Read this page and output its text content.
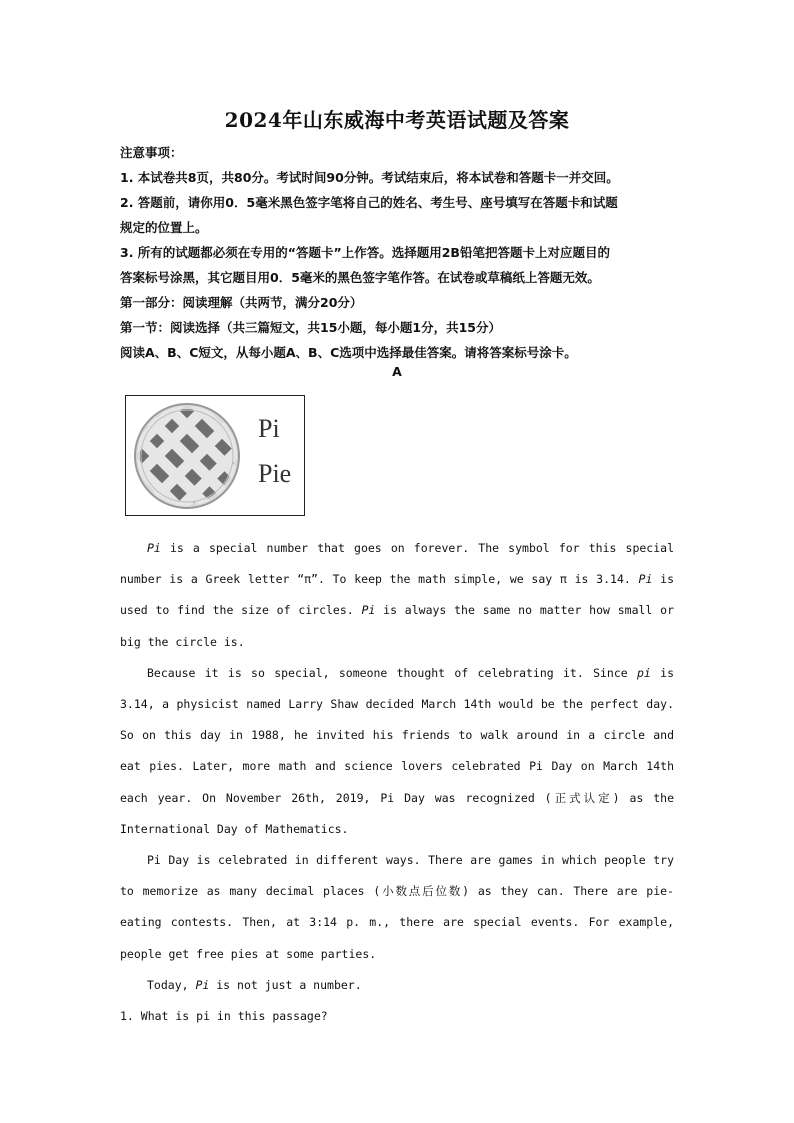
2024年山东威海中考英语试题及答案
注意事项：
1. 本试卷共8页，共80分。考试时间90分钟。考试结束后，将本试卷和答题卡一并交回。
2. 答题前，请你用0．5毫米黑色签字笔将自己的姓名、考生号、座号填写在答题卡和试题
规定的位置上。
3. 所有的试题都必须在专用的“答题卡”上作答。选择题用2B铅笔把答题卡上对应题目的
答案标号涂黑，其它题目用0．5毫米的黑色签字笔作答。在试卷或草稿纸上答题无效。
第一部分：阅读理解（共两节，满分20分）
第一节：阅读选择（共三篇短文，共15小题，每小题1分，共15分）
阅读A、B、C短文，从每小题A、B、C选项中选择最佳答案。请将答案标号涂卡。
A
Pi
Pie

Pi is a special number that goes on forever. The symbol for this special number is a Greek letter “π”. To keep the math simple, we say π is 3.14. Pi is used to find the size of circles. Pi is always the same no matter how small or big the circle is.

Because it is so special, someone thought of celebrating it. Since pi is 3.14, a physicist named Larry Shaw decided March 14th would be the perfect day. So on this day in 1988, he invited his friends to walk around in a circle and eat pies. Later, more math and science lovers celebrated Pi Day on March 14th each year. On November 26th, 2019, Pi Day was recognized (正式认定) as the International Day of Mathematics.

Pi Day is celebrated in different ways. There are games in which people try to memorize as many decimal places (小数点后位数) as they can. There are pie-eating contests. Then, at 3:14 p. m., there are special events. For example, people get free pies at some parties.

Today, Pi is not just a number.

1. What is pi in this passage?
